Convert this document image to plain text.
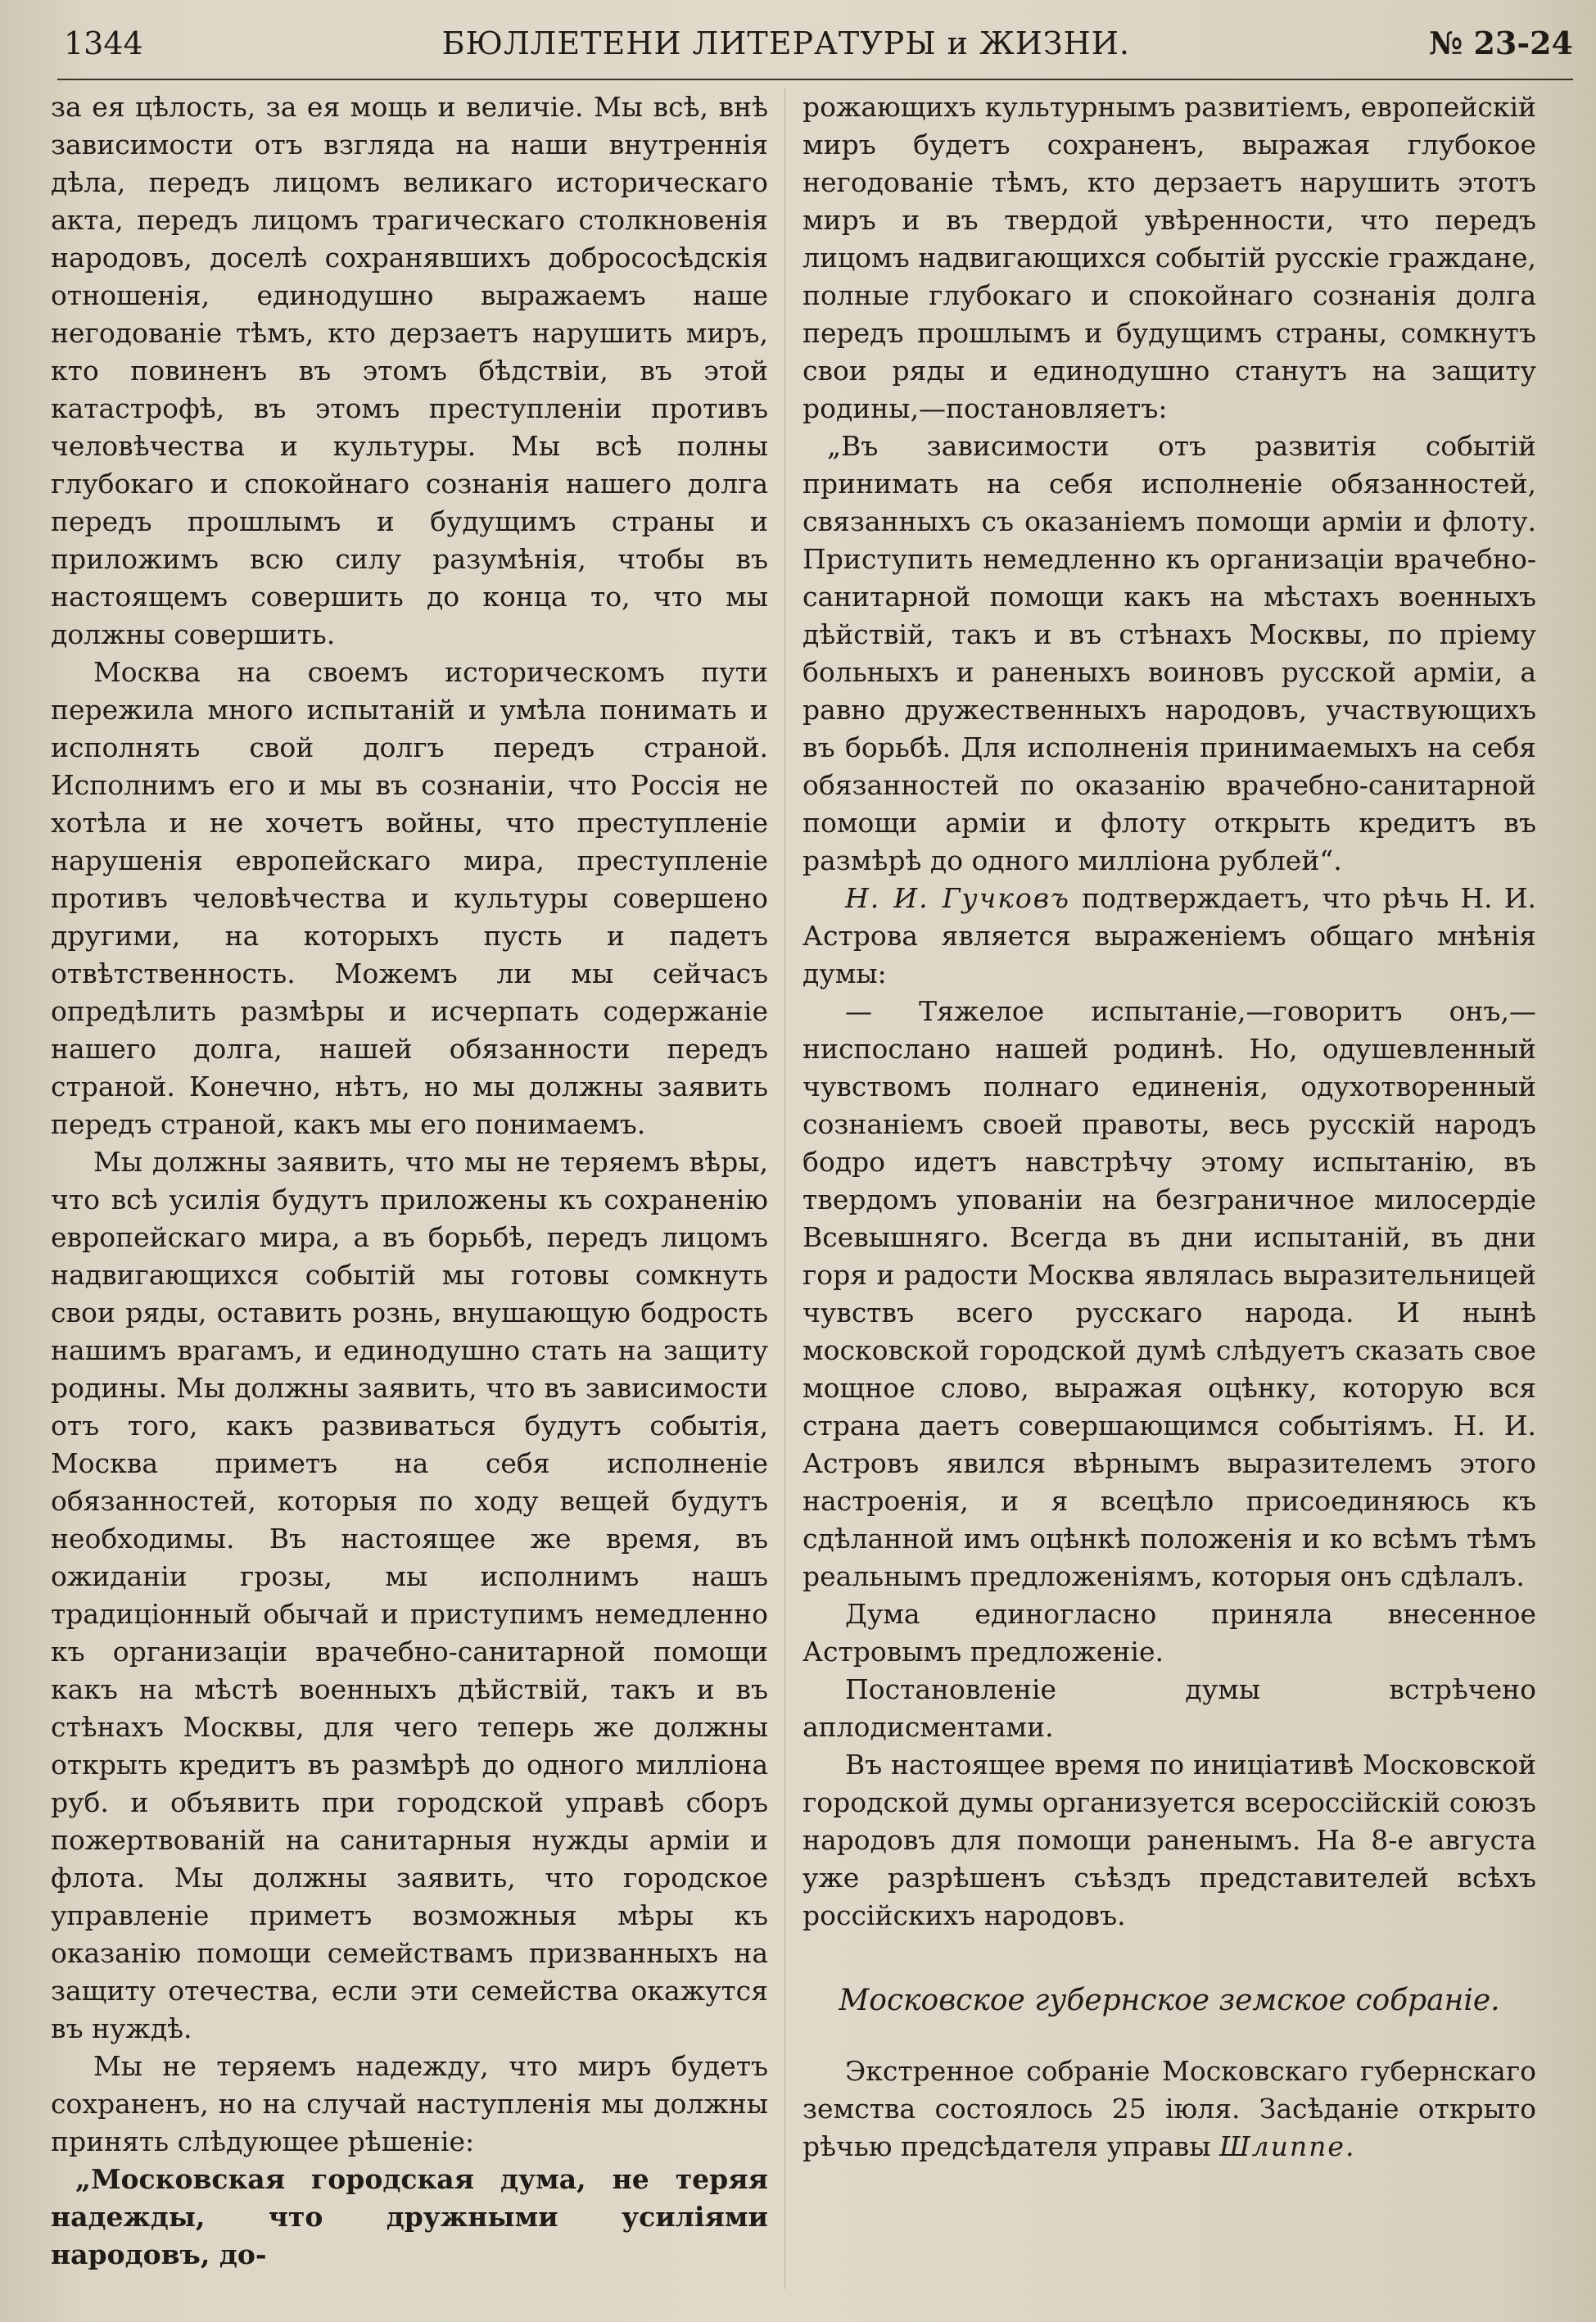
1344	БЮЛЛЕТЕНИ ЛИТЕРАТУРЫ и ЖИЗНИ.	№ 23-24

за ея цѣлость, за ея мощь и величіе. Мы всѣ, внѣ зависимости отъ взгляда на наши внутреннія дѣла, передъ лицомъ великаго историческаго акта, передъ лицомъ трагическаго столкновенія народовъ, доселѣ сохранявшихъ добрососѣдскія отношенія, единодушно выражаемъ наше негодованіе тѣмъ, кто дерзаетъ нарушить миръ, кто повиненъ въ этомъ бѣдствіи, въ этой катастрофѣ, въ этомъ преступленіи противъ человѣчества и культуры. Мы всѣ полны глубокаго и спокойнаго сознанія нашего долга передъ прошлымъ и будущимъ страны и приложимъ всю силу разумѣнія, чтобы въ настоящемъ совершить до конца то, что мы должны совершить.

Москва на своемъ историческомъ пути пережила много испытаній и умѣла понимать и исполнять свой долгъ передъ страной. Исполнимъ его и мы въ сознаніи, что Россія не хотѣла и не хочетъ войны, что преступленіе нарушенія европейскаго мира, преступленіе противъ человѣчества и культуры совершено другими, на которыхъ пусть и падетъ отвѣтственность. Можемъ ли мы сейчасъ опредѣлить размѣры и исчерпать содержаніе нашего долга, нашей обязанности передъ страной. Конечно, нѣтъ, но мы должны заявить передъ страной, какъ мы его понимаемъ.

Мы должны заявить, что мы не теряемъ вѣры, что всѣ усилія будутъ приложены къ сохраненію европейскаго мира, а въ борьбѣ, передъ лицомъ надвигающихся событій мы готовы сомкнуть свои ряды, оставить рознь, внушающую бодрость нашимъ врагамъ, и единодушно стать на защиту родины. Мы должны заявить, что въ зависимости отъ того, какъ развиваться будутъ событія, Москва приметъ на себя исполненіе обязанностей, которыя по ходу вещей будутъ необходимы. Въ настоящее же время, въ ожиданіи грозы, мы исполнимъ нашъ традиціонный обычай и приступимъ немедленно къ организаціи врачебно-санитарной помощи какъ на мѣстѣ военныхъ дѣйствій, такъ и въ стѣнахъ Москвы, для чего теперь же должны открыть кредитъ въ размѣрѣ до одного милліона руб. и объявить при городской управѣ сборъ пожертвованій на санитарныя нужды арміи и флота. Мы должны заявить, что городское управленіе приметъ возможныя мѣры къ оказанію помощи семействамъ призванныхъ на защиту отечества, если эти семейства окажутся въ нуждѣ.

Мы не теряемъ надежду, что миръ будетъ сохраненъ, но на случай наступленія мы должны принять слѣдующее рѣшеніе:

„Московская городская дума, не теряя надежды, что дружными усиліями народовъ, до-

рожающихъ культурнымъ развитіемъ, европейскій миръ будетъ сохраненъ, выражая глубокое негодованіе тѣмъ, кто дерзаетъ нарушить этотъ миръ и въ твердой увѣренности, что передъ лицомъ надвигающихся событій русскіе граждане, полные глубокаго и спокойнаго сознанія долга передъ прошлымъ и будущимъ страны, сомкнутъ свои ряды и единодушно станутъ на защиту родины,—постановляетъ:

„Въ зависимости отъ развитія событій принимать на себя исполненіе обязанностей, связанныхъ съ оказаніемъ помощи арміи и флоту. Приступить немедленно къ организаціи врачебно-санитарной помощи какъ на мѣстахъ военныхъ дѣйствій, такъ и въ стѣнахъ Москвы, по пріему больныхъ и раненыхъ воиновъ русской арміи, а равно дружественныхъ народовъ, участвующихъ въ борьбѣ. Для исполненія принимаемыхъ на себя обязанностей по оказанію врачебно-санитарной помощи арміи и флоту открыть кредитъ въ размѣрѣ до одного милліона рублей“.

Н. И. Гучковъ подтверждаетъ, что рѣчь Н. И. Астрова является выраженіемъ общаго мнѣнія думы:

— Тяжелое испытаніе,—говоритъ онъ,—ниспослано нашей родинѣ. Но, одушевленный чувствомъ полнаго единенія, одухотворенный сознаніемъ своей правоты, весь русскій народъ бодро идетъ навстрѣчу этому испытанію, въ твердомъ упованіи на безграничное милосердіе Всевышняго. Всегда въ дни испытаній, въ дни горя и радости Москва являлась выразительницей чувствъ всего русскаго народа. И нынѣ московской городской думѣ слѣдуетъ сказать свое мощное слово, выражая оцѣнку, которую вся страна даетъ совершающимся событіямъ. Н. И. Астровъ явился вѣрнымъ выразителемъ этого настроенія, и я всецѣло присоединяюсь къ сдѣланной имъ оцѣнкѣ положенія и ко всѣмъ тѣмъ реальнымъ предложеніямъ, которыя онъ сдѣлалъ.

Дума единогласно приняла внесенное Астровымъ предложеніе.

Постановленіе думы встрѣчено аплодисментами.

Въ настоящее время по иниціативѣ Московской городской думы организуется всероссійскій союзъ народовъ для помощи раненымъ. На 8-е августа уже разрѣшенъ съѣздъ представителей всѣхъ россійскихъ народовъ.

Московское губернское земское собраніе.

Экстренное собраніе Московскаго губернскаго земства состоялось 25 іюля. Засѣданіе открыто рѣчью предсѣдателя управы Шлиппе.
